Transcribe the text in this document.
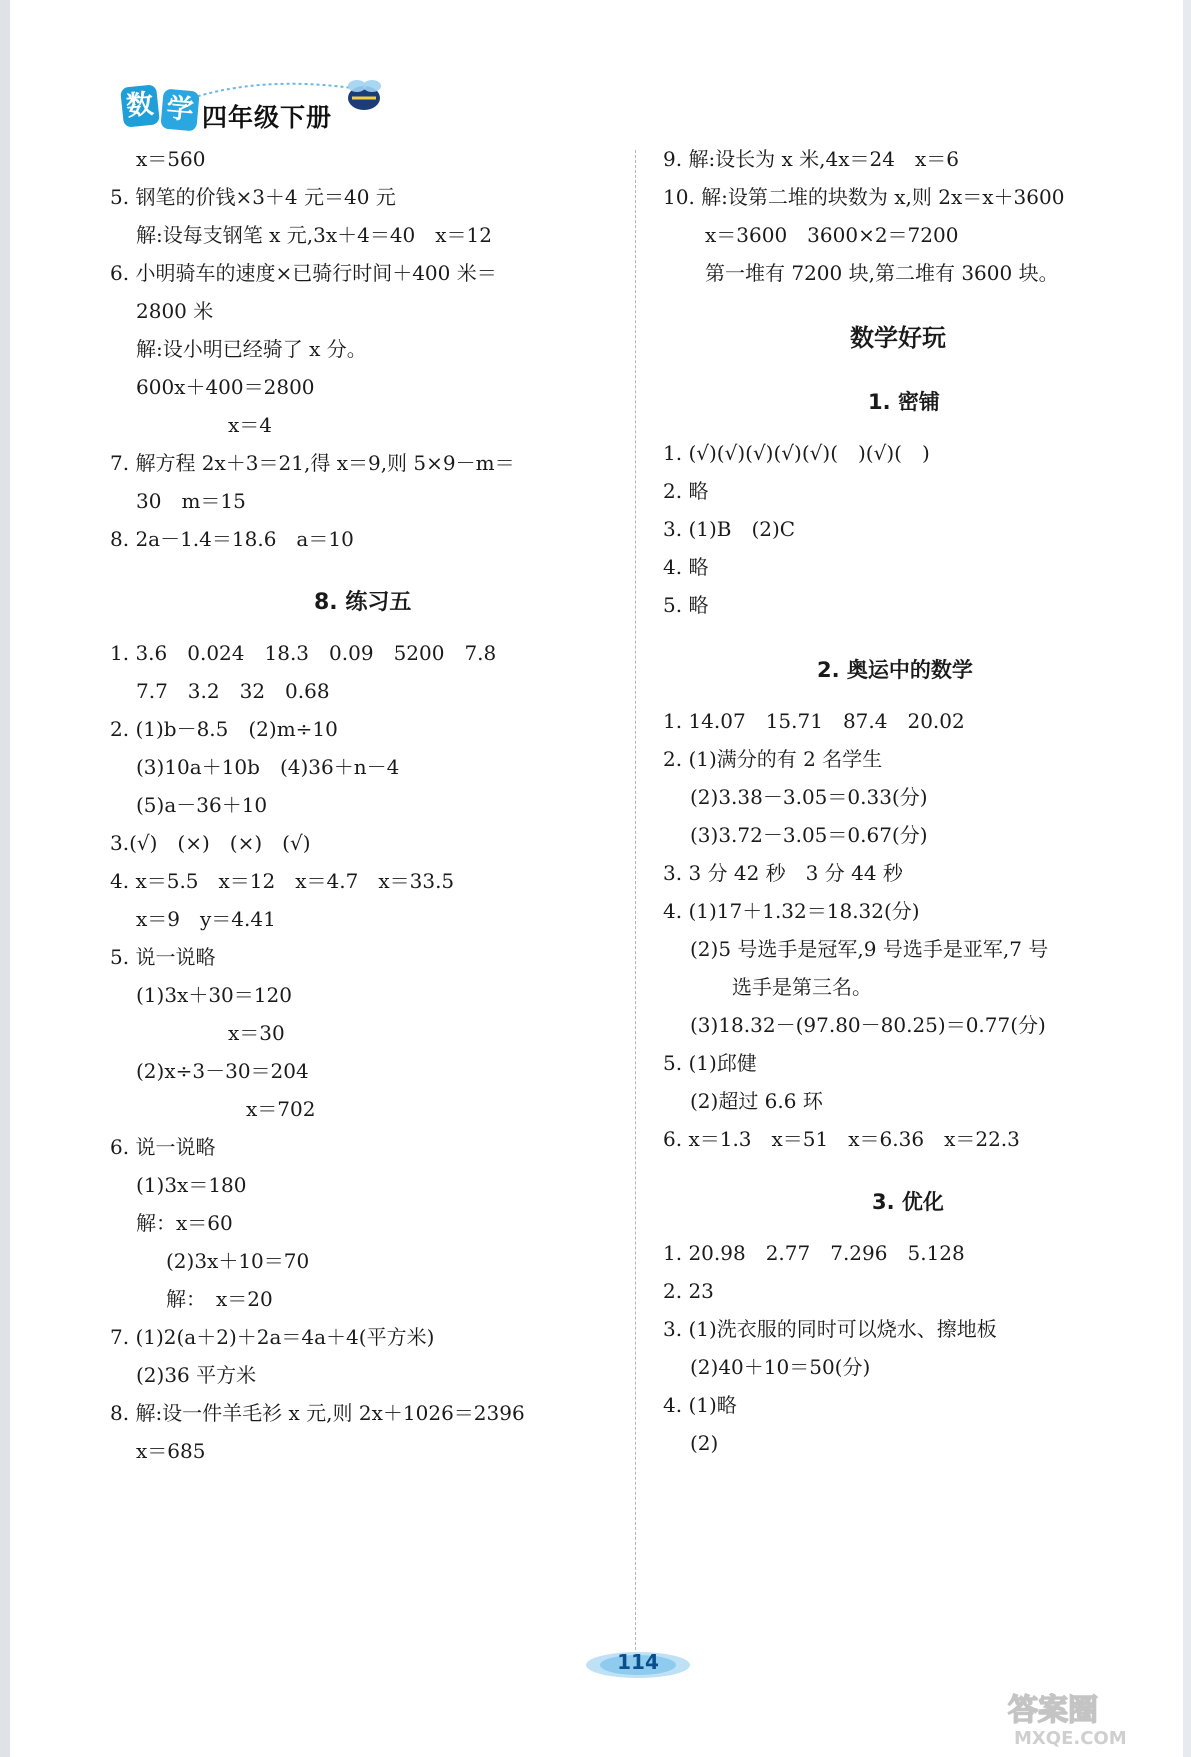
数 学 四年级下册
x＝560
5. 钢笔的价钱×3＋4 元＝40 元
解:设每支钢笔 x 元,3x＋4＝40　x＝12
6. 小明骑车的速度×已骑行时间＋400 米＝
2800 米
解:设小明已经骑了 x 分。
600x＋400＝2800
x＝4
7. 解方程 2x＋3＝21,得 x＝9,则 5×9－m＝
30　m＝15
8. 2a－1.4＝18.6　a＝10
8. 练习五
1. 3.6　0.024　18.3　0.09　5200　7.8
7.7　3.2　32　0.68
2. (1)b－8.5　(2)m÷10
(3)10a＋10b　(4)36＋n－4
(5)a－36＋10
3.(√)　(×)　(×)　(√)
4. x＝5.5　x＝12　x＝4.7　x＝33.5
x＝9　y＝4.41
5. 说一说略
(1)3x＋30＝120
x＝30
(2)x÷3－30＝204
x＝702
6. 说一说略
(1)3x＝180
解：x＝60
(2)3x＋10＝70
解：　x＝20
7. (1)2(a＋2)＋2a＝4a＋4(平方米)
(2)36 平方米
8. 解:设一件羊毛衫 x 元,则 2x＋1026＝2396
x＝685
9. 解:设长为 x 米,4x＝24　x＝6
10. 解:设第二堆的块数为 x,则 2x＝x＋3600
x＝3600　3600×2＝7200
第一堆有 7200 块,第二堆有 3600 块。
数学好玩
1. 密铺
1. (√)(√)(√)(√)(√)(　)(√)(　)
2. 略
3. (1)B　(2)C
4. 略
5. 略
2. 奥运中的数学
1. 14.07　15.71　87.4　20.02
2. (1)满分的有 2 名学生
(2)3.38－3.05＝0.33(分)
(3)3.72－3.05＝0.67(分)
3. 3 分 42 秒　3 分 44 秒
4. (1)17＋1.32＝18.32(分)
(2)5 号选手是冠军,9 号选手是亚军,7 号
选手是第三名。
(3)18.32－(97.80－80.25)＝0.77(分)
5. (1)邱健
(2)超过 6.6 环
6. x＝1.3　x＝51　x＝6.36　x＝22.3
3. 优化
1. 20.98　2.77　7.296　5.128
2. 23
3. (1)洗衣服的同时可以烧水、擦地板
(2)40＋10＝50(分)
4. (1)略
(2)
114
答案圈
MXQE.COM
